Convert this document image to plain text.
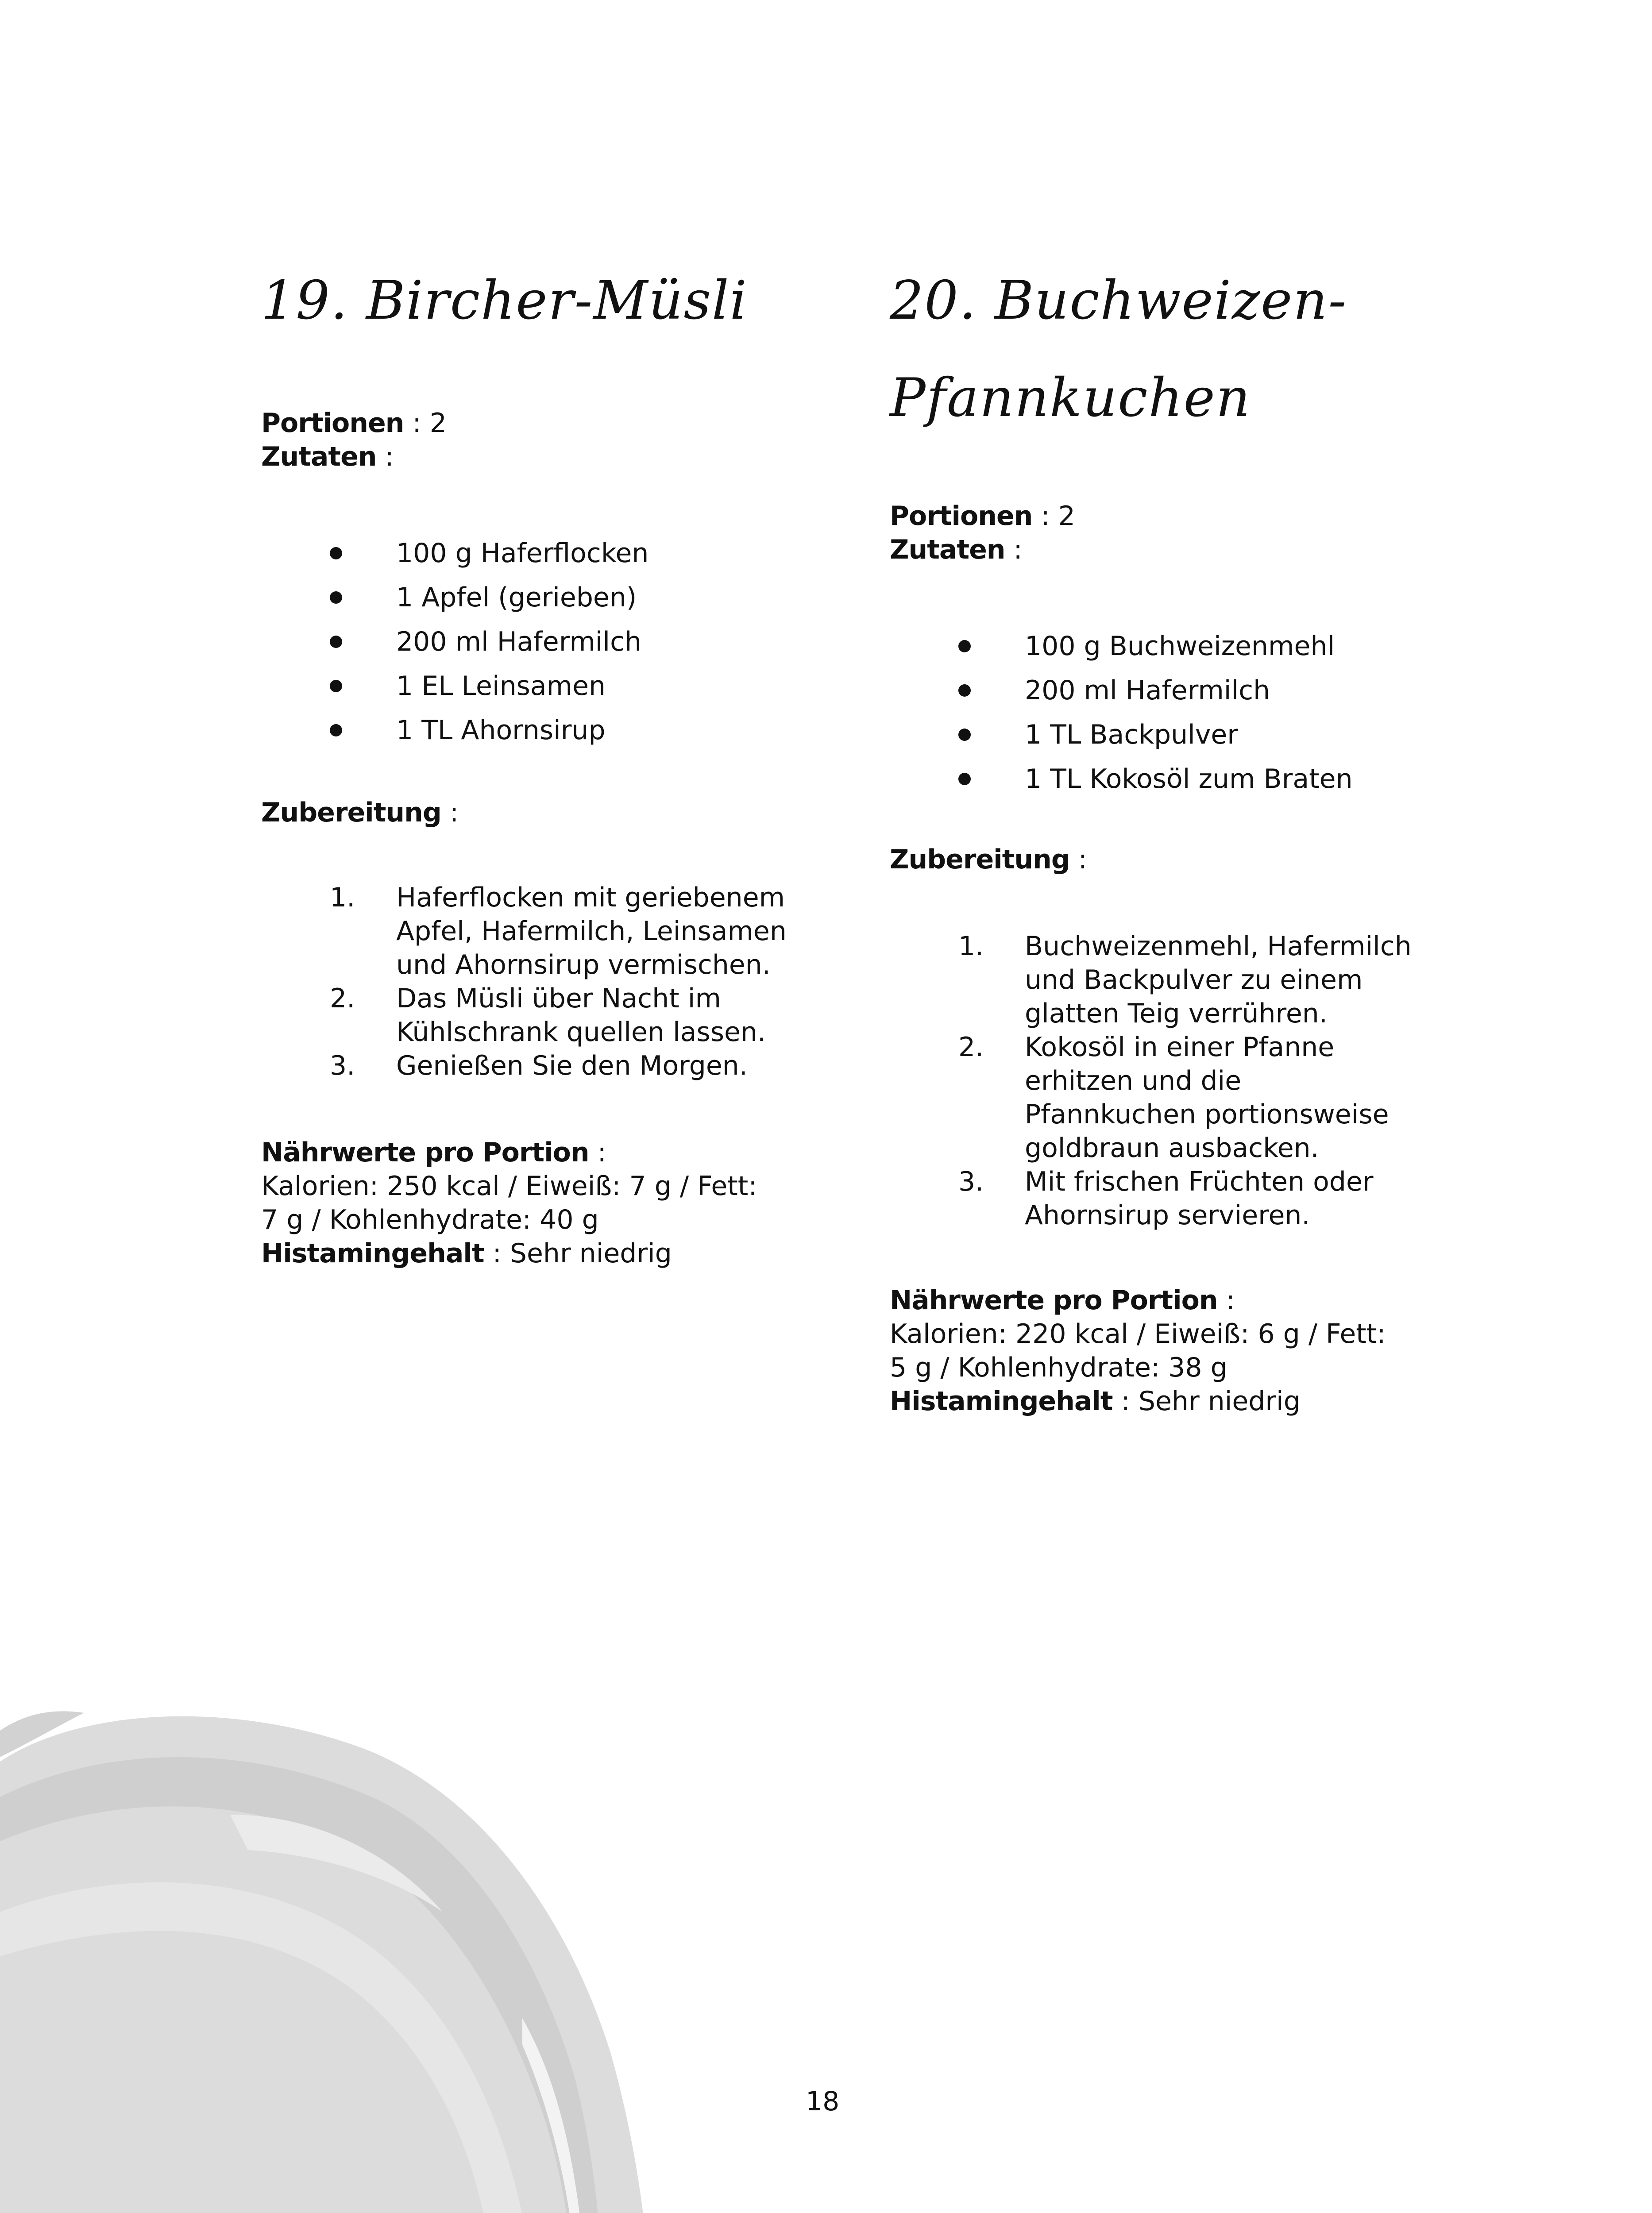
19. Bircher-Müsli

Portionen : 2

Zutaten :

100 g Haferflocken
1 Apfel (gerieben)
200 ml Hafermilch
1 EL Leinsamen
1 TL Ahornsirup

Zubereitung :

1. Haferflocken mit geriebenem
Apfel, Hafermilch, Leinsamen
und Ahornsirup vermischen.
2. Das Müsli über Nacht im
Kühlschrank quellen lassen.
3. Genießen Sie den Morgen.

Nährwerte pro Portion :

Kalorien: 250 kcal / Eiweiß: 7 g / Fett:

7 g / Kohlenhydrate: 40 g

Histamingehalt : Sehr niedrig

20. Buchweizen-
Pfannkuchen

Portionen : 2

Zutaten :

100 g Buchweizenmehl
200 ml Hafermilch
1 TL Backpulver
1 TL Kokosöl zum Braten

Zubereitung :

1. Buchweizenmehl, Hafermilch
und Backpulver zu einem
glatten Teig verrühren.
2. Kokosöl in einer Pfanne
erhitzen und die
Pfannkuchen portionsweise
goldbraun ausbacken.
3. Mit frischen Früchten oder
Ahornsirup servieren.

Nährwerte pro Portion :

Kalorien: 220 kcal / Eiweiß: 6 g / Fett:

5 g / Kohlenhydrate: 38 g

Histamingehalt : Sehr niedrig

18
